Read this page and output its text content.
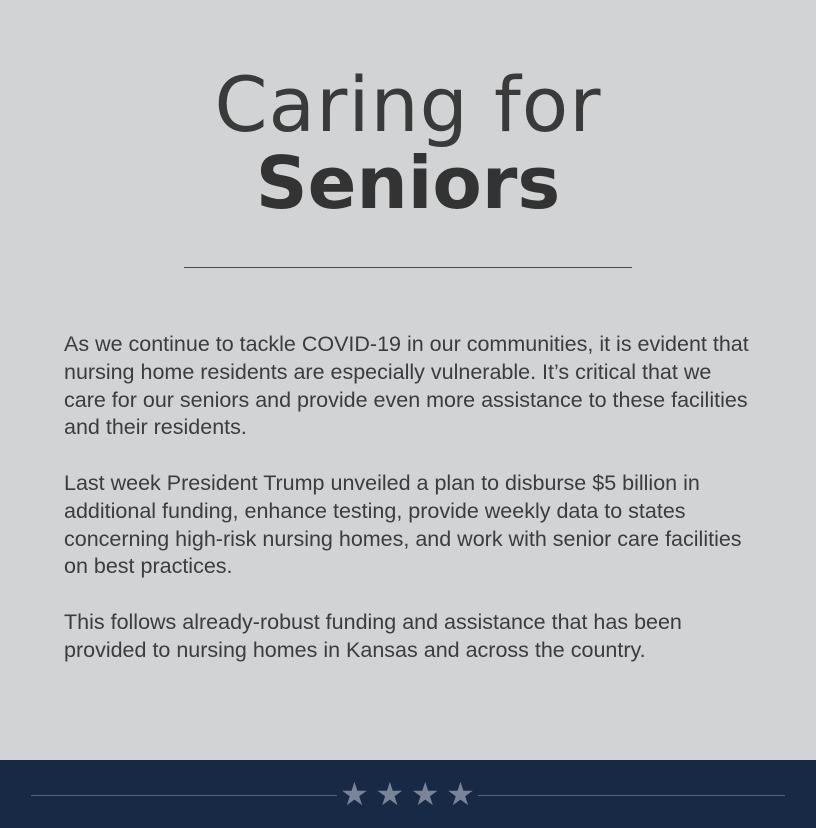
Caring for
Seniors

As we continue to tackle COVID-19 in our communities, it is evident that nursing home residents are especially vulnerable. It’s critical that we care for our seniors and provide even more assistance to these facilities and their residents.

Last week President Trump unveiled a plan to disburse $5 billion in additional funding, enhance testing, provide weekly data to states concerning high-risk nursing homes, and work with senior care facilities on best practices.

This follows already-robust funding and assistance that has been provided to nursing homes in Kansas and across the country.

★ ★ ★ ★
